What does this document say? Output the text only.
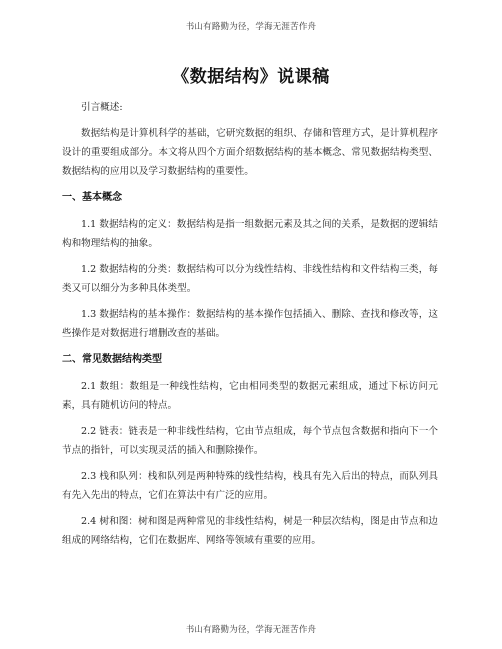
书山有路勤为径，学海无涯苦作舟
《数据结构》说课稿

引言概述:

数据结构是计算机科学的基础，它研究数据的组织、存储和管理方式，是计算机程序设计的重要组成部分。本文将从四个方面介绍数据结构的基本概念、常见数据结构类型、数据结构的应用以及学习数据结构的重要性。

一、基本概念

1.1 数据结构的定义：数据结构是指一组数据元素及其之间的关系，是数据的逻辑结构和物理结构的抽象。

1.2 数据结构的分类：数据结构可以分为线性结构、非线性结构和文件结构三类，每类又可以细分为多种具体类型。

1.3 数据结构的基本操作：数据结构的基本操作包括插入、删除、查找和修改等，这些操作是对数据进行增删改查的基础。

二、常见数据结构类型

2.1 数组：数组是一种线性结构，它由相同类型的数据元素组成，通过下标访问元素，具有随机访问的特点。

2.2 链表：链表是一种非线性结构，它由节点组成，每个节点包含数据和指向下一个节点的指针，可以实现灵活的插入和删除操作。

2.3 栈和队列：栈和队列是两种特殊的线性结构，栈具有先入后出的特点，而队列具有先入先出的特点，它们在算法中有广泛的应用。

2.4 树和图：树和图是两种常见的非线性结构，树是一种层次结构，图是由节点和边组成的网络结构，它们在数据库、网络等领域有重要的应用。

书山有路勤为径，学海无涯苦作舟
